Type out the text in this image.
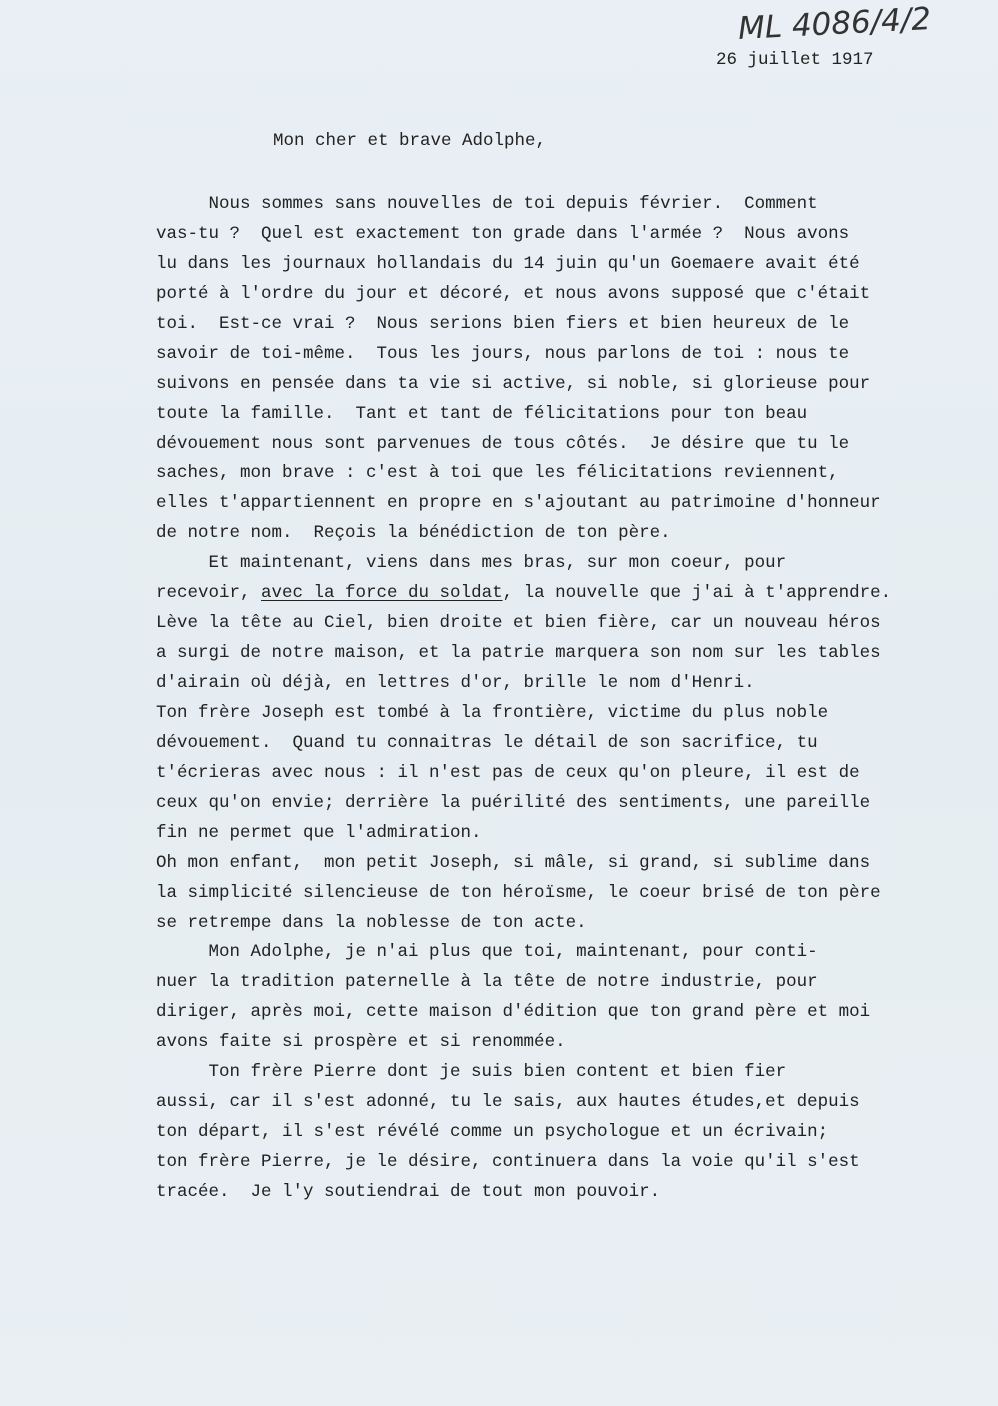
ML 4086/4/2
26 juillet 1917
Mon cher et brave Adolphe,
Nous sommes sans nouvelles de toi depuis février.  Comment
vas-tu ?  Quel est exactement ton grade dans l'armée ?  Nous avons
lu dans les journaux hollandais du 14 juin qu'un Goemaere avait été
porté à l'ordre du jour et décoré, et nous avons supposé que c'était
toi.  Est-ce vrai ?  Nous serions bien fiers et bien heureux de le
savoir de toi-même.  Tous les jours, nous parlons de toi : nous te
suivons en pensée dans ta vie si active, si noble, si glorieuse pour
toute la famille.  Tant et tant de félicitations pour ton beau
dévouement nous sont parvenues de tous côtés.  Je désire que tu le
saches, mon brave : c'est à toi que les félicitations reviennent,
elles t'appartiennent en propre en s'ajoutant au patrimoine d'honneur
de notre nom.  Reçois la bénédiction de ton père.
Et maintenant, viens dans mes bras, sur mon coeur, pour
recevoir, avec la force du soldat, la nouvelle que j'ai à t'apprendre.
Lève la tête au Ciel, bien droite et bien fière, car un nouveau héros
a surgi de notre maison, et la patrie marquera son nom sur les tables
d'airain où déjà, en lettres d'or, brille le nom d'Henri.
Ton frère Joseph est tombé à la frontière, victime du plus noble
dévouement.  Quand tu connaitras le détail de son sacrifice, tu
t'écrieras avec nous : il n'est pas de ceux qu'on pleure, il est de
ceux qu'on envie; derrière la puérilité des sentiments, une pareille
fin ne permet que l'admiration.
Oh mon enfant,  mon petit Joseph, si mâle, si grand, si sublime dans
la simplicité silencieuse de ton héroïsme, le coeur brisé de ton père
se retrempe dans la noblesse de ton acte.
Mon Adolphe, je n'ai plus que toi, maintenant, pour conti-
nuer la tradition paternelle à la tête de notre industrie, pour
diriger, après moi, cette maison d'édition que ton grand père et moi
avons faite si prospère et si renommée.
Ton frère Pierre dont je suis bien content et bien fier
aussi, car il s'est adonné, tu le sais, aux hautes études,et depuis
ton départ, il s'est révélé comme un psychologue et un écrivain;
ton frère Pierre, je le désire, continuera dans la voie qu'il s'est
tracée.  Je l'y soutiendrai de tout mon pouvoir.
